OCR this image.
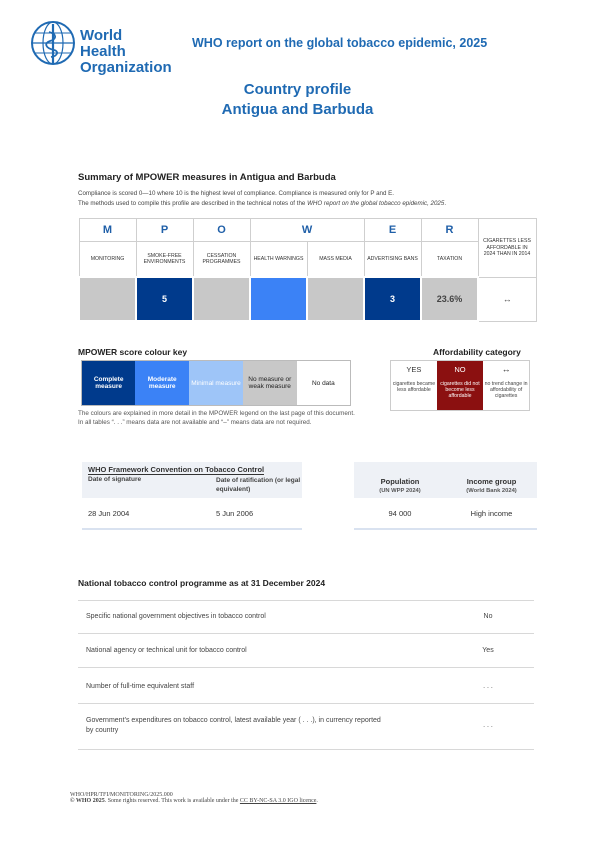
World Health
Organization
WHO report on the global tobacco epidemic, 2025
Country profile
Antigua and Barbuda
Summary of MPOWER measures in Antigua and Barbuda
Compliance is scored 0—10 where 10 is the highest level of compliance. Compliance is measured only for P and E.
The methods used to compile this profile are described in the technical notes of the WHO report on the global tobacco epidemic, 2025.
M	P	O	W		E	R	CIGARETTES LESS AFFORDABLE IN 2024 THAN IN 2014
MONITORING	SMOKE-FREE ENVIRONMENTS	CESSATION PROGRAMMES	HEALTH WARNINGS	MASS MEDIA	ADVERTISING BANS	TAXATION	
	5				3	23.6%	↔
MPOWER score colour key
Complete measure	Moderate measure	Minimal measure	No measure or weak measure	No data
Affordability category
YES	NO	↔
cigarettes became less affordable	cigarettes did not become less affordable	no trend change in affordability of cigarettes
The colours are explained in more detail in the MPOWER legend on the last page of this document.
In all tables “. . .” means data are not available and “–” means data are not required.
WHO Framework Convention on Tobacco Control
Date of signature	Date of ratification (or legal equivalent)
28 Jun 2004	5 Jun 2006
Population
(UN WPP 2024)
Income group
(World Bank 2024)
94 000	High income
National tobacco control programme as at 31 December 2024
Specific national government objectives in tobacco control	No
National agency or technical unit for tobacco control	Yes
Number of full-time equivalent staff	. . .
Government’s expenditures on tobacco control, latest available year ( . . .), in currency reported by country
. . .
WHO/HPR/TFI/MONITORING/2025.000
© WHO 2025. Some rights reserved. This work is available under the CC BY-NC-SA 3.0 IGO licence.
